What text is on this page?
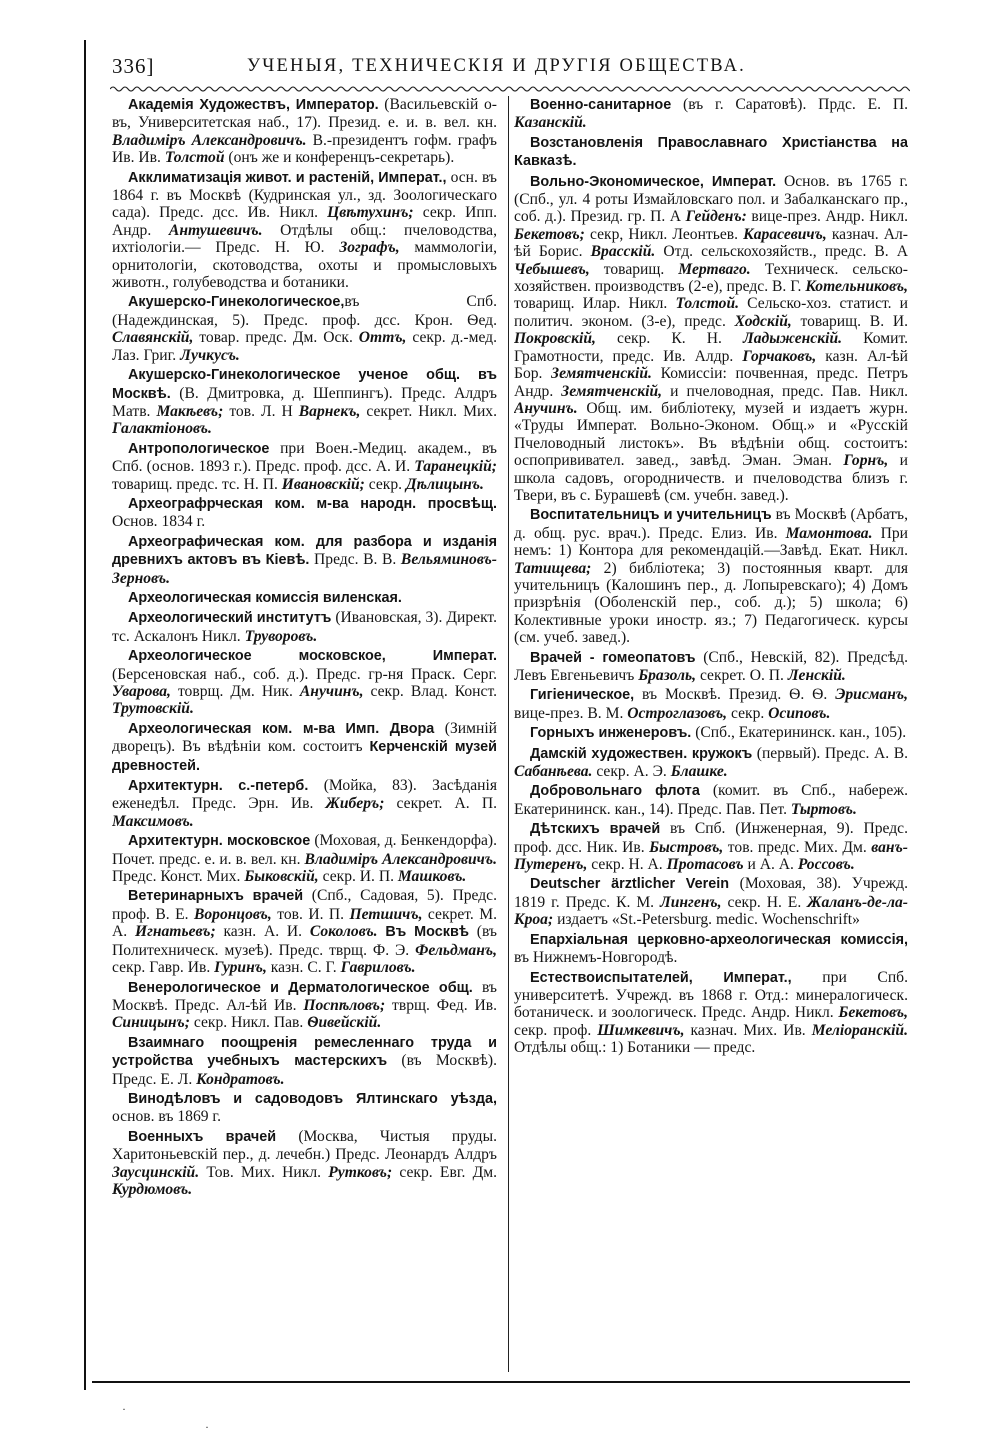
336]	УЧЕНЫЯ, ТЕХНИЧЕСКІЯ И ДРУГІЯ ОБЩЕСТВА.

Академія Художествъ, Император. (Васильевскій о-въ, Университетская наб., 17). Презид. е. и. в. вел. кн. Владиміръ Александровичъ. В.-президентъ гофм. графъ Ив. Ив. Толстой (онъ же и конференцъ-секретарь).

Акклиматизація живот. и растеній, Императ., осн. въ 1864 г. въ Москвѣ (Кудринская ул., зд. Зоологическаго сада). Предс. дсс. Ив. Никл. Цвѣтухинъ; секр. Ипп. Андр. Антушевичъ. Отдѣлы общ.: пчеловодства, ихтіологіи.— Предс. Н. Ю. Зографъ, маммологіи, орнитологіи, скотоводства, охоты и промысловыхъ животн., голубеводства и ботаники.

Акушерско-Гинекологическое,въ Спб. (Надеждинская, 5). Предс. проф. дсс. Крон. Ѳед. Славянскій, товар. предс. Дм. Оск. Оттъ, секр. д.-мед. Лаз. Григ. Лучкусъ.

Акушерско-Гинекологическое ученое общ. въ Москвѣ. (В. Дмитровка, д. Шеппингъ). Предс. Алдръ Матв. Макѣевъ; тов. Л. Н Варнекъ, секрет. Никл. Мих. Галактіоновъ.

Антропологическое при Воен.-Медиц. академ., въ Спб. (основ. 1893 г.). Предс. проф. дсс. А. И. Таранецкій; товарищ. предс. тс. Н. П. Ивановскій; секр. Дѣлицынъ.

Археографрческая ком. м-ва народн. просвѣщ. Основ. 1834 г.

Археографическая ком. для разбора и изданія древнихъ актовъ въ Кіевѣ. Предс. В. В. Вельяминовъ-Зерновъ.

Археологическая комиссія виленская.

Археологический институтъ (Ивановская, 3). Директ. тс. Аскалонъ Никл. Труворовъ.

Археологическое московское, Императ. (Берсеновская наб., соб. д.). Предс. гр-ня Праск. Серг. Уварова, товрщ. Дм. Ник. Анучинъ, секр. Влад. Конст. Трутовскій.

Археологическая ком. м-ва Имп. Двора (Зимній дворецъ). Въ вѣдѣніи ком. состоитъ Керченскій музей древностей.

Архитектурн. с.-петерб. (Мойка, 83). Засѣданія еженедѣл. Предс. Эрн. Ив. Жиберъ; секрет. А. П. Максимовъ.

Архитектурн. московское (Моховая, д. Бенкендорфа). Почет. предс. е. и. в. вел. кн. Владиміръ Александровичъ. Предс. Конст. Мих. Быковскій, секр. И. П. Машковъ.

Ветеринарныхъ врачей (Спб., Садовая, 5). Предс. проф. В. Е. Воронцовъ, тов. И. П. Петшичъ, секрет. М. А. Игнатьевъ; казн. А. И. Соколовъ. Въ Москвѣ (въ Политехническ. музеѣ). Предс. твpщ. Ф. Э. Фельдманъ, секр. Гавр. Ив. Гуринъ, казн. С. Г. Гавриловъ.

Венерологическое и Дерматологическое общ. въ Москвѣ. Предс. Ал-ѣй Ив. Поспѣловъ; тврщ. Фед. Ив. Синицынъ; секр. Никл. Пав. Ѳивейскій.

Взаимнаго поощренія ремесленнаго труда и устройства учебныхъ мастерскихъ (въ Москвѣ). Предс. Е. Л. Кондратовъ.

Винодѣловъ и садоводовъ Ялтинскаго уѣзда, основ. въ 1869 г.

Военныхъ врачей (Москва, Чистыя пруды. Харитоньевскій пер., д. лечебн.) Предс. Леонардъ Алдръ Заусцинскій. Тов. Мих. Никл. Рутковъ; секр. Евг. Дм. Курдюмовъ.

Военно-санитарное (въ г. Саратовѣ). Прдс. Е. П. Казанскій.

Возстановленія Православнаго Христіанства на Кавказѣ.

Вольно-Экономическое, Императ. Основ. въ 1765 г. (Спб., ул. 4 роты Измайловскаго пол. и Забалканскаго пр., соб. д.). Презид. гр. П. А Гейденъ: вице-през. Андр. Никл. Бекетовъ; секр, Никл. Леонтьев. Карасевичъ, казнач. Ал-ѣй Борис. Врасскій. Отд. сельскохозяйств., предс. В. А Чебышевъ, товарищ. Мертваго. Техническ. сельско-хозяйствен. производствъ (2-е), предс. В. Г. Котельниковъ, товарищ. Илар. Никл. Толстой. Сельско-хоз. статист. и политич. эконом. (3-е), предс. Ходскій, товарищ. В. И. Покровскій, секр. К. Н. Ладыженскій. Комит. Грамотности, предс. Ив. Алдр. Горчаковъ, казн. Ал-ѣй Бор. Земятченскій. Комиссіи: почвенная, предс. Петръ Андр. Земятченскій, и пчеловодная, предс. Пав. Никл. Анучинъ. Общ. им. библіотеку, музей и издаетъ журн. «Труды Императ. Вольно-Эконом. Общ.» и «Русскій Пчеловодный листокъ». Въ вѣдѣніи общ. состоитъ: оспопрививател. завед., завѣд. Эман. Эман. Горнъ, и школа садовъ, огородничеств. и пчеловодства близъ г. Твери, въ с. Бурашевѣ (см. учебн. завед.).

Воспитательницъ и учительницъ въ Москвѣ (Арбатъ, д. общ. рус. врач.). Предс. Елиз. Ив. Мамонтова. При немъ: 1) Контора для рекомендацій.—Завѣд. Екат. Никл. Татищева; 2) библіотека; 3) постоянныя кварт. для учительницъ (Калошинъ пер., д. Лопыревскаго); 4) Домъ призрѣнія (Оболенскій пер., соб. д.); 5) школа; 6) Колективные уроки иностр. яз.; 7) Педагогическ. курсы (см. учеб. завед.).

Врачей - гомеопатовъ (Спб., Невскій, 82). Предсѣд. Левъ Евгеньевичъ Бразоль, секрет. О. П. Ленскій.

Гигіеническое, въ Москвѣ. Презид. Ѳ. Ѳ. Эрисманъ, вице-през. В. М. Остроглазовъ, секр. Осиповъ.

Горныхъ инженеровъ. (Спб., Екатерининск. кан., 105).

Дамскій художествен. кружокъ (первый). Предс. А. В. Сабанѣева. секр. А. Э. Блашке.

Добровольнаго флота (комит. въ Спб., набереж. Екатерининск. кан., 14). Предс. Пав. Пет. Тыртовъ.

Дѣтскихъ врачей въ Спб. (Инженерная, 9). Предс. проф. дсс. Ник. Ив. Быстровъ, тов. предс. Мих. Дм. ванъ-Путеренъ, секр. Н. А. Протасовъ и А. А. Россовъ.

Deutscher ärztlicher Verein (Моховая, 38). Учрежд. 1819 г. Предс. К. М. Лингенъ, секр. Н. Е. Жаланъ-де-ла-Кроа; издаетъ «St.-Petersburg. medic. Wochenschrift»

Епархіальная церковно-археологическая комиссія, въ Нижнемъ-Новгородѣ.

Естествоиспытателей, Императ., при Спб. университетѣ. Учрежд. въ 1868 г. Отд.: минералогическ. ботаническ. и зоологическ. Предс. Андр. Никл. Бекетовъ, секр. проф. Шимкевичъ, казнач. Мих. Ив. Меліоранскій. Отдѣлы общ.: 1) Ботаники — предс.

·
·
